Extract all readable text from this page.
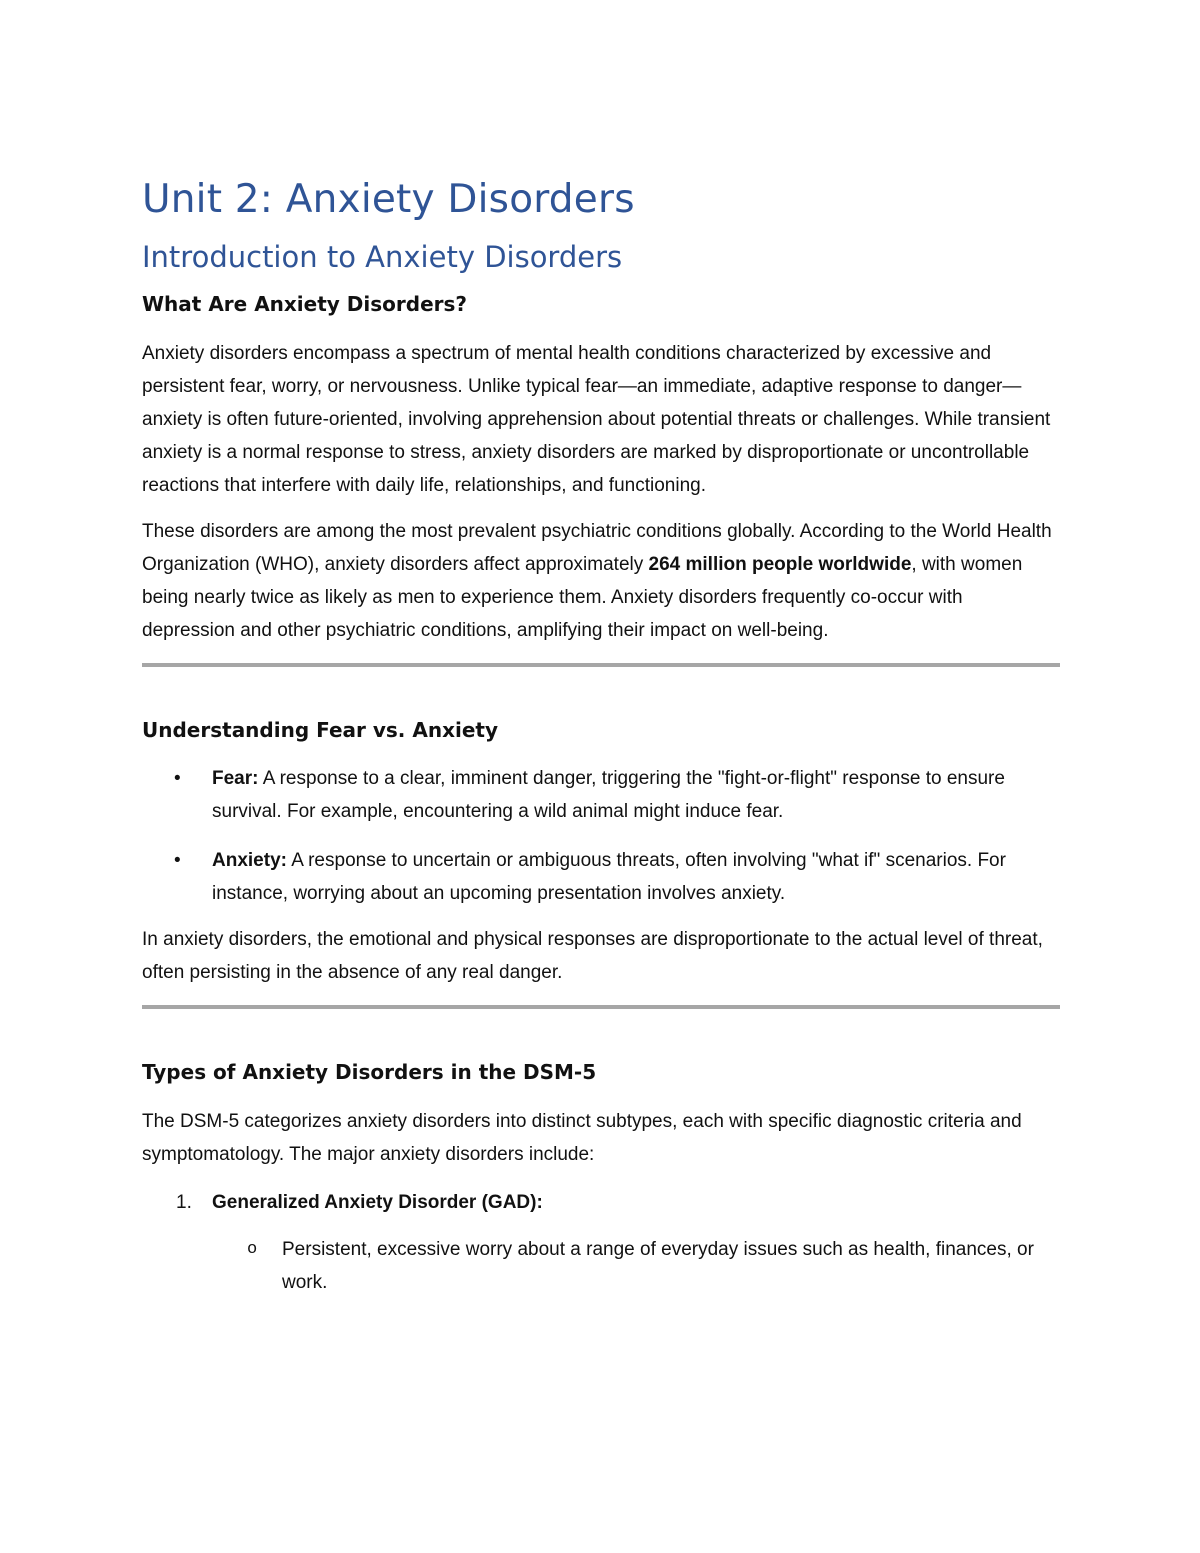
Unit 2: Anxiety Disorders
Introduction to Anxiety Disorders
What Are Anxiety Disorders?

Anxiety disorders encompass a spectrum of mental health conditions characterized by excessive and persistent fear, worry, or nervousness. Unlike typical fear—an immediate, adaptive response to danger—anxiety is often future-oriented, involving apprehension about potential threats or challenges. While transient anxiety is a normal response to stress, anxiety disorders are marked by disproportionate or uncontrollable reactions that interfere with daily life, relationships, and functioning.

These disorders are among the most prevalent psychiatric conditions globally. According to the World Health Organization (WHO), anxiety disorders affect approximately 264 million people worldwide, with women being nearly twice as likely as men to experience them. Anxiety disorders frequently co-occur with depression and other psychiatric conditions, amplifying their impact on well-being.

Understanding Fear vs. Anxiety
• Fear: A response to a clear, imminent danger, triggering the "fight-or-flight" response to ensure survival. For example, encountering a wild animal might induce fear.
• Anxiety: A response to uncertain or ambiguous threats, often involving "what if" scenarios. For instance, worrying about an upcoming presentation involves anxiety.

In anxiety disorders, the emotional and physical responses are disproportionate to the actual level of threat, often persisting in the absence of any real danger.

Types of Anxiety Disorders in the DSM-5

The DSM-5 categorizes anxiety disorders into distinct subtypes, each with specific diagnostic criteria and symptomatology. The major anxiety disorders include:

1. Generalized Anxiety Disorder (GAD):
o Persistent, excessive worry about a range of everyday issues such as health, finances, or work.
